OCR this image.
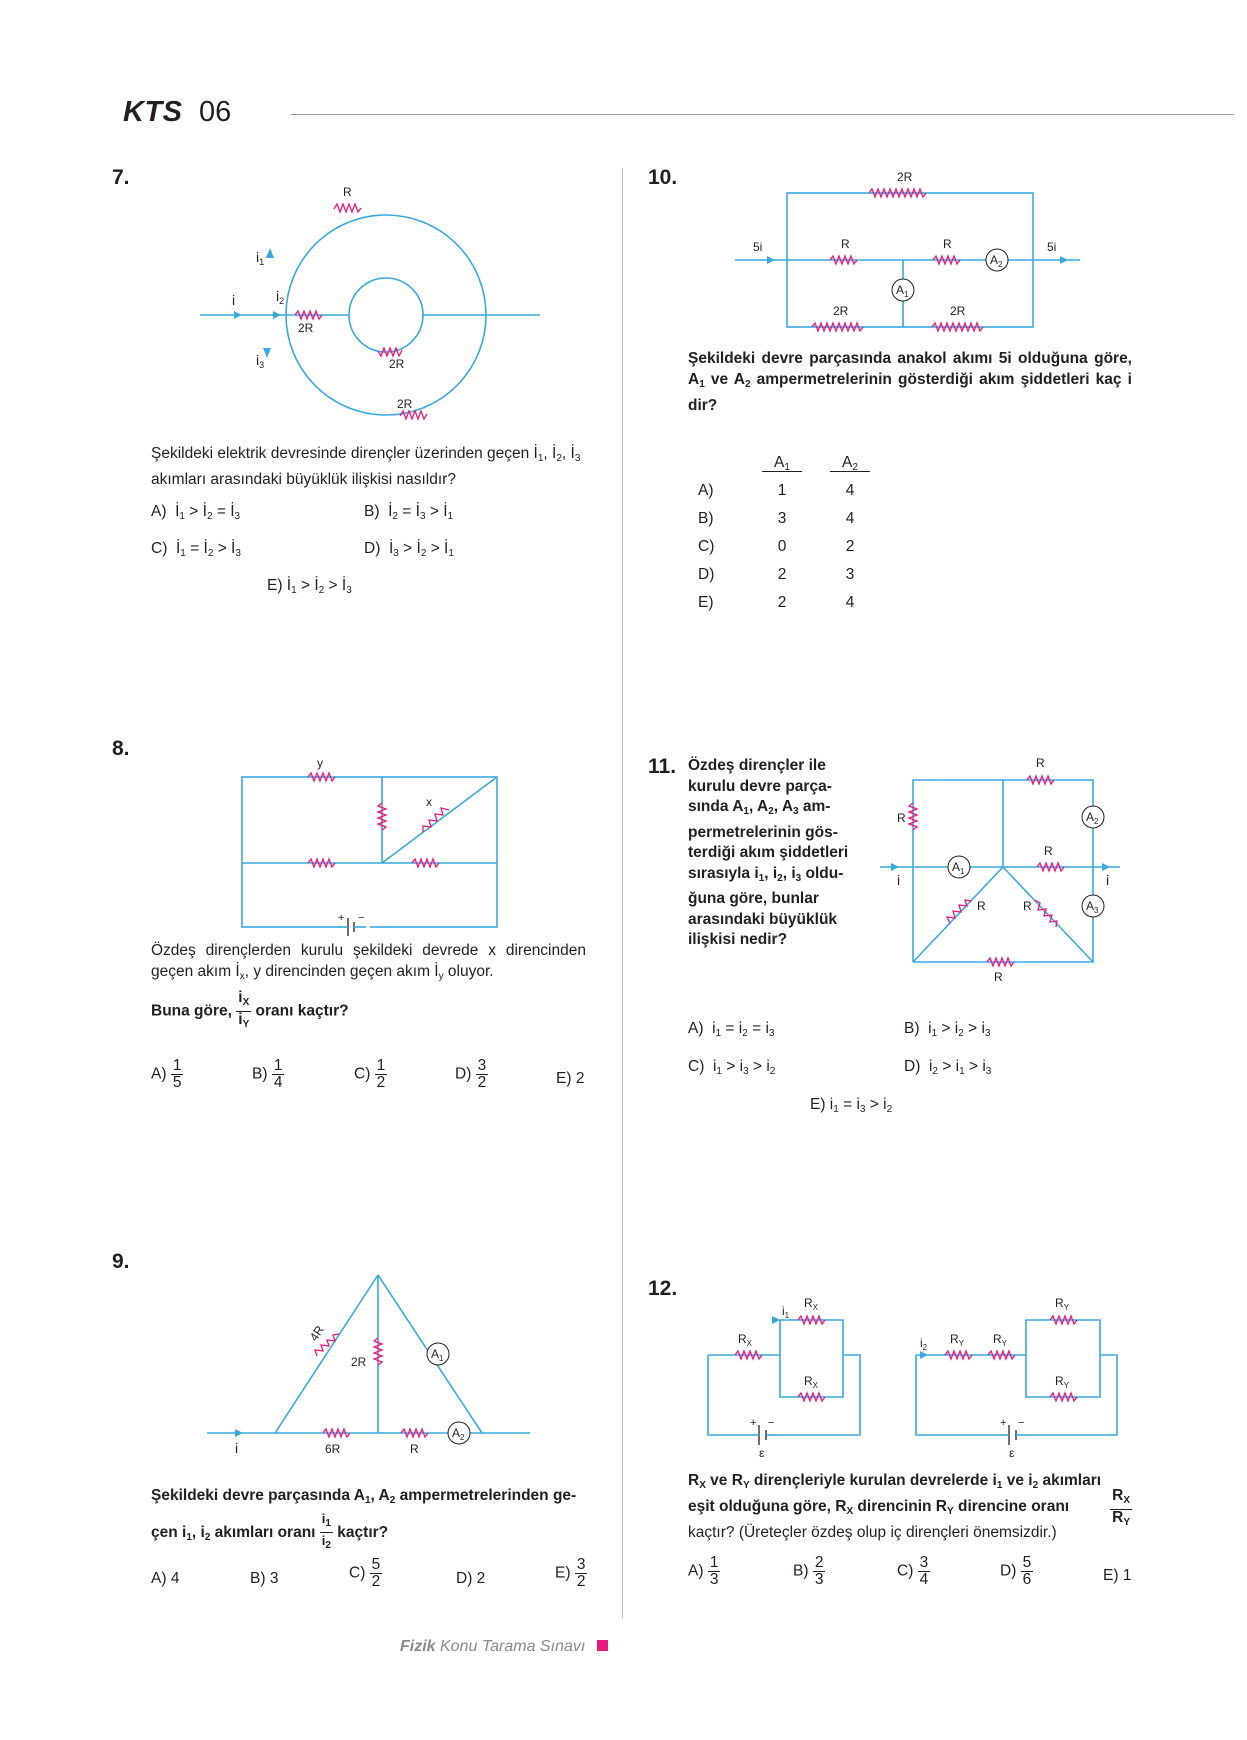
KTS 06
7.
R
2R
2R
2R
i
$i_1$
$i_2$
$i_3$
Şekildeki elektrik devresinde dirençler üzerinden geçen $İ_1$, $İ_2$, $İ_3$ akımları arasındaki büyüklük ilişkisi nasıldır?
A)  $İ_1$ > $İ_2$ = $İ_3$	B)  $İ_2$ = $İ_3$ > $İ_1$
C)  $İ_1$ = $İ_2$ > $İ_3$	D)  $İ_3$ > $İ_2$ > $İ_1$
E) $İ_1$ > $İ_2$ > $İ_3$
8.
y
x
+ −
Özdeş dirençlerden kurulu şekildeki devrede x direncinden geçen akım $İ_x$, y direncinden geçen akım $İ_y$ oluyor.
Buna göre, $\frac{i_X}{i_Y}$ oranı kaçtır?
$A) \frac{1}{5}$	$B) \frac{1}{4}$	$C) \frac{1}{2}$	$D) \frac{3}{2}$	E) 2
9.
4R
2R
6R	R
i
$A_1$
$A_2$
Şekildeki devre parçasında $A_1$, $A_2$ ampermetrelerinden ge-
çen $i_1$, $i_2$ akımları oranı $\frac{i_1}{i_2}$ kaçtır?
A) 4	B) 3	$C) \frac{5}{2}$	D) 2	$E) \frac{3}{2}$
10.	2R
R	R
2R	2R
5i	5i
$A_1$
$A_2$
Şekildeki devre parçasında anakol akımı 5i olduğuna göre, $A_1$ ve $A_2$ ampermetrelerinin gösterdiği akım şiddetleri kaç i dir?
	$A_1$		$A_2$
A)	1		4
B)	3		4
C)	0		2
D)	2		3
E)	2		4
11. Özdeş dirençler ile
kurulu devre parça-
sında $A_1$, $A_2$, $A_3$ am-
permetrelerinin gös-
terdiği akım şiddetleri
sırasıyla $i_1$, $i_2$, $i_3$ oldu-
ğuna göre, bunlar
arasındaki büyüklük
ilişkisi nedir?
R
R
R
R	R
R
i	i
$A_1$
$A_2$
$A_3$
A)  $i_1 = i_2 = i_3$	B)  $i_1 > i_2 > i_3$
C)  $i_1 > i_3 > i_2$	D)  $i_2 > i_1 > i_3$
E) $i_1 = i_3 > i_2$
12.
$R_X$
$R_X$
$R_X$
$R_Y$ $R_Y$
$R_Y$
$R_Y$
$i_1$
$i_2$
+ −	+ −
ε	ε
$R_X$ ve $R_Y$ dirençleriyle kurulan devrelerde $i_1$ ve $i_2$ akımları
eşit olduğuna göre, $R_X$ direncinin $R_Y$ direncine oranı	$\frac{R_X}{R_Y}$
kaçtır? (Üreteçler özdeş olup iç dirençleri önemsizdir.)
$A) \frac{1}{3}$	$B) \frac{2}{3}$	$C) \frac{3}{4}$	$D) \frac{5}{6}$	E) 1
Fizik Konu Tarama Sınavı
